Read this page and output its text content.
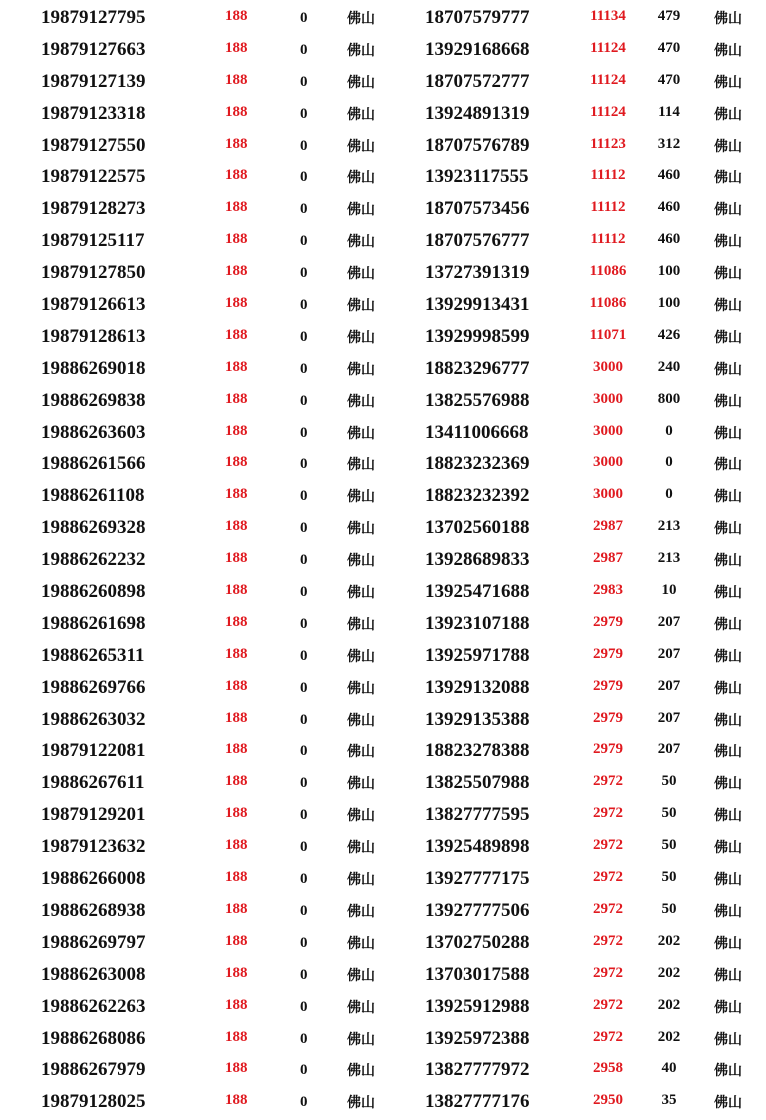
19879127795	188	0	佛山	18707579777	11134	479	佛山
19879127663	188	0	佛山	13929168668	11124	470	佛山
19879127139	188	0	佛山	18707572777	11124	470	佛山
19879123318	188	0	佛山	13924891319	11124	114	佛山
19879127550	188	0	佛山	18707576789	11123	312	佛山
19879122575	188	0	佛山	13923117555	11112	460	佛山
19879128273	188	0	佛山	18707573456	11112	460	佛山
19879125117	188	0	佛山	18707576777	11112	460	佛山
19879127850	188	0	佛山	13727391319	11086	100	佛山
19879126613	188	0	佛山	13929913431	11086	100	佛山
19879128613	188	0	佛山	13929998599	11071	426	佛山
19886269018	188	0	佛山	18823296777	3000	240	佛山
19886269838	188	0	佛山	13825576988	3000	800	佛山
19886263603	188	0	佛山	13411006668	3000	0	佛山
19886261566	188	0	佛山	18823232369	3000	0	佛山
19886261108	188	0	佛山	18823232392	3000	0	佛山
19886269328	188	0	佛山	13702560188	2987	213	佛山
19886262232	188	0	佛山	13928689833	2987	213	佛山
19886260898	188	0	佛山	13925471688	2983	10	佛山
19886261698	188	0	佛山	13923107188	2979	207	佛山
19886265311	188	0	佛山	13925971788	2979	207	佛山
19886269766	188	0	佛山	13929132088	2979	207	佛山
19886263032	188	0	佛山	13929135388	2979	207	佛山
19879122081	188	0	佛山	18823278388	2979	207	佛山
19886267611	188	0	佛山	13825507988	2972	50	佛山
19879129201	188	0	佛山	13827777595	2972	50	佛山
19879123632	188	0	佛山	13925489898	2972	50	佛山
19886266008	188	0	佛山	13927777175	2972	50	佛山
19886268938	188	0	佛山	13927777506	2972	50	佛山
19886269797	188	0	佛山	13702750288	2972	202	佛山
19886263008	188	0	佛山	13703017588	2972	202	佛山
19886262263	188	0	佛山	13925912988	2972	202	佛山
19886268086	188	0	佛山	13925972388	2972	202	佛山
19886267979	188	0	佛山	13827777972	2958	40	佛山
19879128025	188	0	佛山	13827777176	2950	35	佛山
